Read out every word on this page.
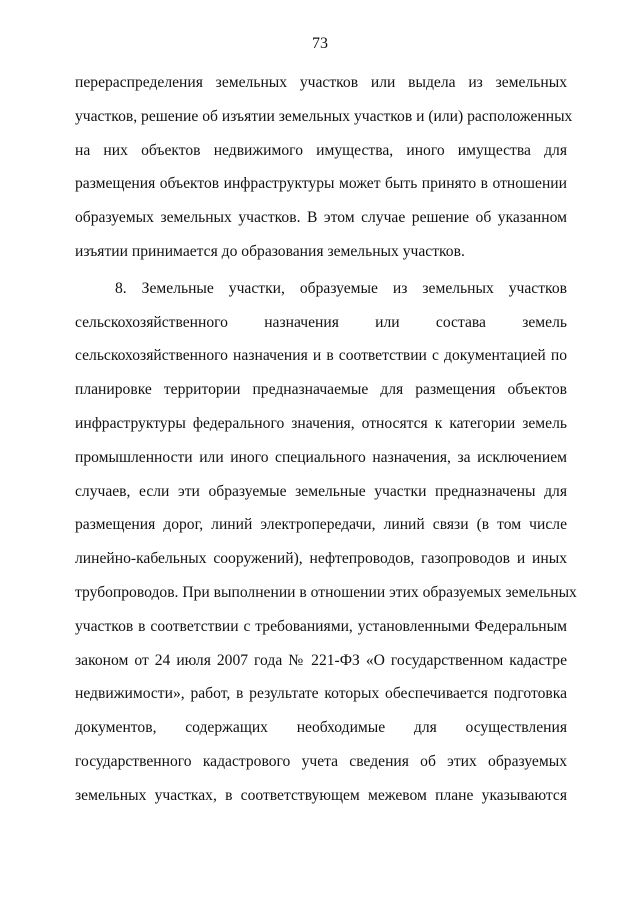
73
перераспределения земельных участков или выдела из земельных
участков, решение об изъятии земельных участков и (или) расположенных
на них объектов недвижимого имущества, иного имущества для
размещения объектов инфраструктуры может быть принято в отношении
образуемых земельных участков. В этом случае решение об указанном
изъятии принимается до образования земельных участков.
8. Земельные участки, образуемые из земельных участков
сельскохозяйственного назначения или состава земель
сельскохозяйственного назначения и в соответствии с документацией по
планировке территории предназначаемые для размещения объектов
инфраструктуры федерального значения, относятся к категории земель
промышленности или иного специального назначения, за исключением
случаев, если эти образуемые земельные участки предназначены для
размещения дорог, линий электропередачи, линий связи (в том числе
линейно-кабельных сооружений), нефтепроводов, газопроводов и иных
трубопроводов. При выполнении в отношении этих образуемых земельных
участков в соответствии с требованиями, установленными Федеральным
законом от 24 июля 2007 года № 221-ФЗ «О государственном кадастре
недвижимости», работ, в результате которых обеспечивается подготовка
документов, содержащих необходимые для осуществления
государственного кадастрового учета сведения об этих образуемых
земельных участках, в соответствующем межевом плане указываются
